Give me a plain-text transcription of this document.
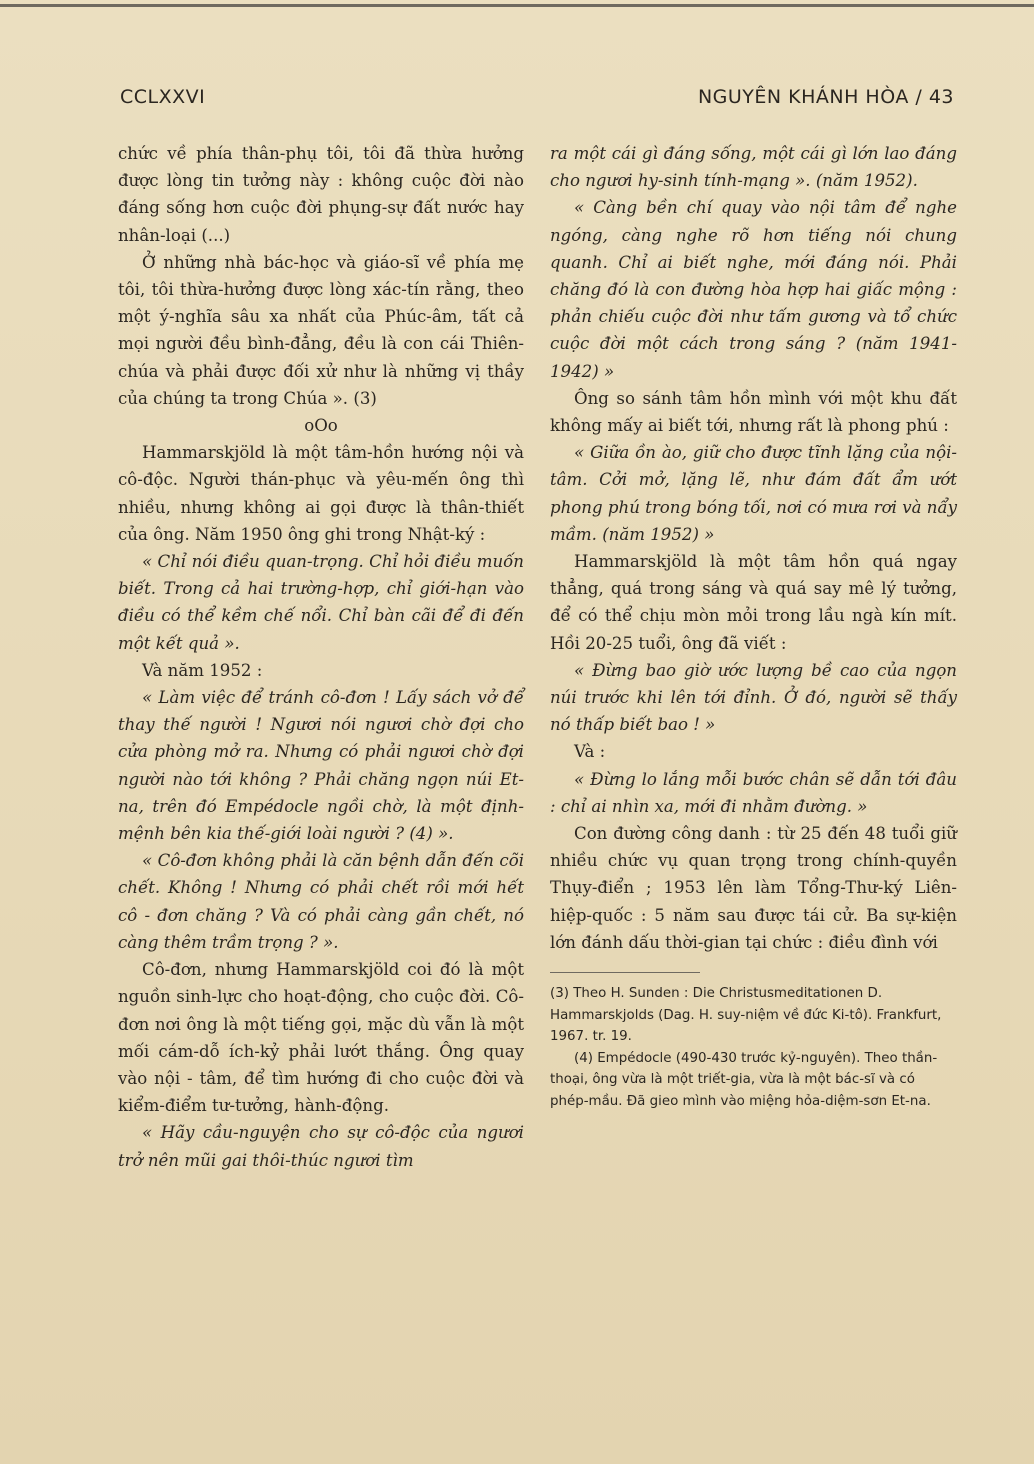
CCLXXVI	NGUYÊN KHÁNH HÒA / 43

chức về phía thân-phụ tôi, tôi đã thừa hưởng được lòng tin tưởng này : không cuộc đời nào đáng sống hơn cuộc đời phụng-sự đất nước hay nhân-loại (...)

Ở những nhà bác-học và giáo-sĩ về phía mẹ tôi, tôi thừa-hưởng được lòng xác-tín rằng, theo một ý-nghĩa sâu xa nhất của Phúc-âm, tất cả mọi người đều bình-đẳng, đều là con cái Thiên-chúa và phải được đối xử như là những vị thầy của chúng ta trong Chúa ». (3)

oOo

Hammarskjöld là một tâm-hồn hướng nội và cô-độc. Người thán-phục và yêu-mến ông thì nhiều, nhưng không ai gọi được là thân-thiết của ông. Năm 1950 ông ghi trong Nhật-ký :

« Chỉ nói điều quan-trọng. Chỉ hỏi điều muốn biết. Trong cả hai trường-hợp, chỉ giới-hạn vào điều có thể kềm chế nổi. Chỉ bàn cãi để đi đến một kết quả ».

Và năm 1952 :

« Làm việc để tránh cô-đơn ! Lấy sách vở để thay thế người ! Ngươi nói ngươi chờ đợi cho cửa phòng mở ra. Nhưng có phải ngươi chờ đợi người nào tới không ? Phải chăng ngọn núi Et-na, trên đó Empédocle ngồi chờ, là một định-mệnh bên kia thế-giới loài người ? (4) ».

« Cô-đơn không phải là căn bệnh dẫn đến cõi chết. Không ! Nhưng có phải chết rồi mới hết cô - đơn chăng ? Và có phải càng gần chết, nó càng thêm trầm trọng ? ».

Cô-đơn, nhưng Hammarskjöld coi đó là một nguồn sinh-lực cho hoạt-động, cho cuộc đời. Cô-đơn nơi ông là một tiếng gọi, mặc dù vẫn là một mối cám-dỗ ích-kỷ phải lướt thắng. Ông quay vào nội - tâm, để tìm hướng đi cho cuộc đời và kiểm-điểm tư-tưởng, hành-động.

« Hãy cầu-nguyện cho sự cô-độc của ngươi trở nên mũi gai thôi-thúc ngươi tìm

ra một cái gì đáng sống, một cái gì lớn lao đáng cho ngươi hy-sinh tính-mạng ». (năm 1952).

« Càng bền chí quay vào nội tâm để nghe ngóng, càng nghe rõ hơn tiếng nói chung quanh. Chỉ ai biết nghe, mới đáng nói. Phải chăng đó là con đường hòa hợp hai giấc mộng : phản chiếu cuộc đời như tấm gương và tổ chức cuộc đời một cách trong sáng ? (năm 1941-1942) »

Ông so sánh tâm hồn mình với một khu đất không mấy ai biết tới, nhưng rất là phong phú :

« Giữa ồn ào, giữ cho được tĩnh lặng của nội-tâm. Cởi mở, lặng lẽ, như đám đất ẩm ướt phong phú trong bóng tối, nơi có mưa rơi và nẩy mầm. (năm 1952) »

Hammarskjöld là một tâm hồn quá ngay thẳng, quá trong sáng và quá say mê lý tưởng, để có thể chịu mòn mỏi trong lầu ngà kín mít. Hồi 20-25 tuổi, ông đã viết :

« Đừng bao giờ ước lượng bề cao của ngọn núi trước khi lên tới đỉnh. Ở đó, người sẽ thấy nó thấp biết bao ! »

Và :

« Đừng lo lắng mỗi bước chân sẽ dẫn tới đâu : chỉ ai nhìn xa, mới đi nhằm đường. »

Con đường công danh : từ 25 đến 48 tuổi giữ nhiều chức vụ quan trọng trong chính-quyền Thụy-điển ; 1953 lên làm Tổng-Thư-ký Liên-hiệp-quốc : 5 năm sau được tái cử. Ba sự-kiện lớn đánh dấu thời-gian tại chức : điều đình với

(3) Theo H. Sunden : Die Christusmeditationen D. Hammarskjolds (Dag. H. suy-niệm về đức Ki-tô). Frankfurt, 1967. tr. 19.

(4) Empédocle (490-430 trước kỷ-nguyên). Theo thần-thoại, ông vừa là một triết-gia, vừa là một bác-sĩ và có phép-mầu. Đã gieo mình vào miệng hỏa-diệm-sơn Et-na.
